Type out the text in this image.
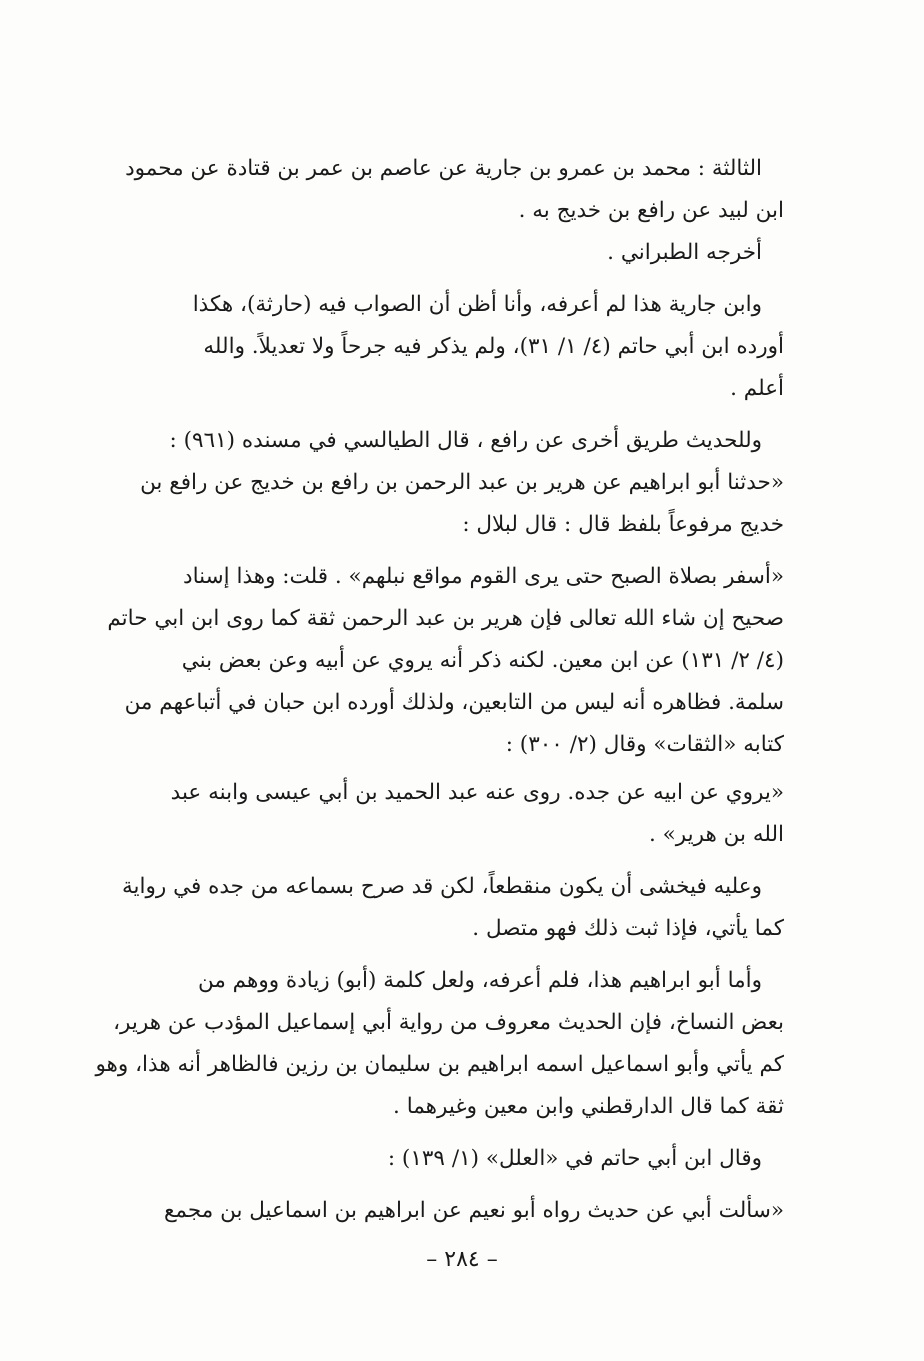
الثالثة : محمد بن عمرو بن جارية عن عاصم بن عمر بن قتادة عن محمود
ابن لبيد عن رافع بن خديج به .
أخرجه الطبراني .

وابن جارية هذا لم أعرفه، وأنا أظن أن الصواب فيه (حارثة)، هكذا
أورده ابن أبي حاتم (٤/ ١/ ٣١)، ولم يذكر فيه جرحاً ولا تعديلاً. والله
أعلم .

وللحديث طريق أخرى عن رافع ، قال الطيالسي في مسنده (٩٦١) :
«حدثنا أبو ابراهيم عن هرير بن عبد الرحمن بن رافع بن خديج عن رافع بن
خديج مرفوعاً بلفظ قال : قال لبلال :

«أسفر بصلاة الصبح حتى يرى القوم مواقع نبلهم» . قلت: وهذا إسناد
صحيح إن شاء الله تعالى فإن هرير بن عبد الرحمن ثقة كما روى ابن ابي حاتم
(٤/ ٢/ ١٣١) عن ابن معين. لكنه ذكر أنه يروي عن أبيه وعن بعض بني
سلمة. فظاهره أنه ليس من التابعين، ولذلك أورده ابن حبان في أتباعهم من
كتابه «الثقات» وقال (٢/ ٣٠٠) :

«يروي عن ابيه عن جده. روى عنه عبد الحميد بن أبي عيسى وابنه عبد
الله بن هرير» .

وعليه فيخشى أن يكون منقطعاً، لكن قد صرح بسماعه من جده في رواية
كما يأتي، فإذا ثبت ذلك فهو متصل .

وأما أبو ابراهيم هذا، فلم أعرفه، ولعل كلمة (أبو) زيادة ووهم من
بعض النساخ، فإن الحديث معروف من رواية أبي إسماعيل المؤدب عن هرير،
كم يأتي وأبو اسماعيل اسمه ابراهيم بن سليمان بن رزين فالظاهر أنه هذا، وهو
ثقة كما قال الدارقطني وابن معين وغيرهما .

وقال ابن أبي حاتم في «العلل» (١/ ١٣٩) :

«سألت أبي عن حديث رواه أبو نعيم عن ابراهيم بن اسماعيل بن مجمع

– ٢٨٤ –
